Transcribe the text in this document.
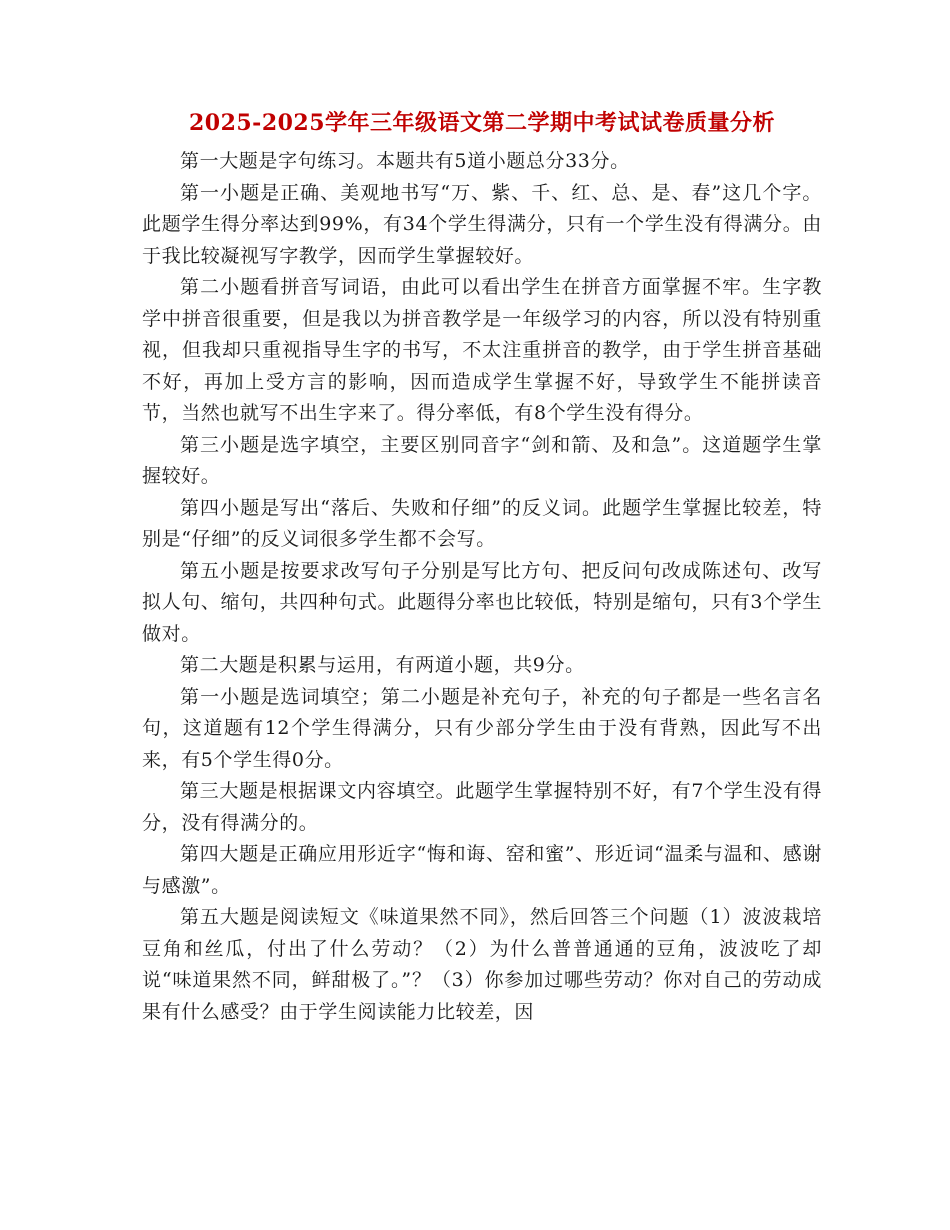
2025-2025学年三年级语文第二学期中考试试卷质量分析

第一大题是字句练习。本题共有5道小题总分33分。

第一小题是正确、美观地书写“万、紫、千、红、总、是、春”这几个字。此题学生得分率达到99%，有34个学生得满分，只有一个学生没有得满分。由于我比较凝视写字教学，因而学生掌握较好。

第二小题看拼音写词语，由此可以看出学生在拼音方面掌握不牢。生字教学中拼音很重要，但是我以为拼音教学是一年级学习的内容，所以没有特别重视，但我却只重视指导生字的书写，不太注重拼音的教学，由于学生拼音基础不好，再加上受方言的影响，因而造成学生掌握不好，导致学生不能拼读音节，当然也就写不出生字来了。得分率低，有8个学生没有得分。

第三小题是选字填空，主要区别同音字“剑和箭、及和急”。这道题学生掌握较好。

第四小题是写出“落后、失败和仔细”的反义词。此题学生掌握比较差，特别是“仔细”的反义词很多学生都不会写。

第五小题是按要求改写句子分别是写比方句、把反问句改成陈述句、改写拟人句、缩句，共四种句式。此题得分率也比较低，特别是缩句，只有3个学生做对。

第二大题是积累与运用，有两道小题，共9分。

第一小题是选词填空；第二小题是补充句子，补充的句子都是一些名言名句，这道题有12个学生得满分，只有少部分学生由于没有背熟，因此写不出来，有5个学生得0分。

第三大题是根据课文内容填空。此题学生掌握特别不好，有7个学生没有得分，没有得满分的。

第四大题是正确应用形近字“悔和诲、窑和蜜”、形近词“温柔与温和、感谢与感激”。

第五大题是阅读短文《味道果然不同》，然后回答三个问题（1）波波栽培豆角和丝瓜，付出了什么劳动？（2）为什么普普通通的豆角，波波吃了却说“味道果然不同，鲜甜极了。”？（3）你参加过哪些劳动？你对自己的劳动成果有什么感受？由于学生阅读能力比较差，因
